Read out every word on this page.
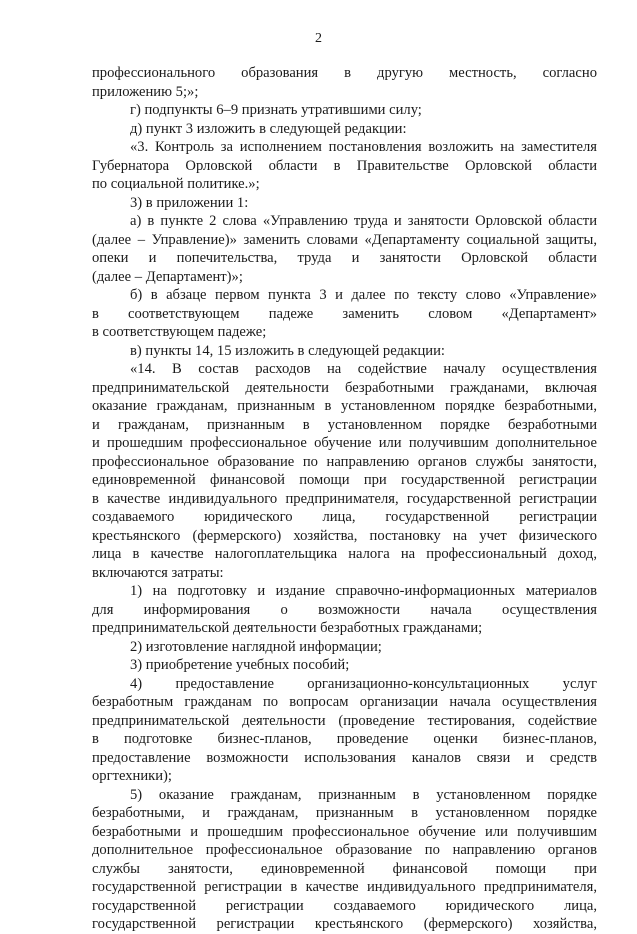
2
профессионального образования в другую местность, согласно
приложению 5;»;
г) подпункты 6–9 признать утратившими силу;
д) пункт 3 изложить в следующей редакции:
«3. Контроль за исполнением постановления возложить на заместителя
Губернатора Орловской области в Правительстве Орловской области
по социальной политике.»;
3) в приложении 1:
а) в пункте 2 слова «Управлению труда и занятости Орловской области
(далее – Управление)» заменить словами «Департаменту социальной защиты,
опеки и попечительства, труда и занятости Орловской области
(далее – Департамент)»;
б) в абзаце первом пункта 3 и далее по тексту слово «Управление»
в соответствующем падеже заменить словом «Департамент»
в соответствующем падеже;
в) пункты 14, 15 изложить в следующей редакции:
«14. В состав расходов на содействие началу осуществления
предпринимательской деятельности безработными гражданами, включая
оказание гражданам, признанным в установленном порядке безработными,
и гражданам, признанным в установленном порядке безработными
и прошедшим профессиональное обучение или получившим дополнительное
профессиональное образование по направлению органов службы занятости,
единовременной финансовой помощи при государственной регистрации
в качестве индивидуального предпринимателя, государственной регистрации
создаваемого юридического лица, государственной регистрации
крестьянского (фермерского) хозяйства, постановку на учет физического
лица в качестве налогоплательщика налога на профессиональный доход,
включаются затраты:
1) на подготовку и издание справочно-информационных материалов
для информирования о возможности начала осуществления
предпринимательской деятельности безработных гражданами;
2) изготовление наглядной информации;
3) приобретение учебных пособий;
4) предоставление организационно-консультационных услуг
безработным гражданам по вопросам организации начала осуществления
предпринимательской деятельности (проведение тестирования, содействие
в подготовке бизнес-планов, проведение оценки бизнес-планов,
предоставление возможности использования каналов связи и средств
оргтехники);
5) оказание гражданам, признанным в установленном порядке
безработными, и гражданам, признанным в установленном порядке
безработными и прошедшим профессиональное обучение или получившим
дополнительное профессиональное образование по направлению органов
службы занятости, единовременной финансовой помощи при
государственной регистрации в качестве индивидуального предпринимателя,
государственной регистрации создаваемого юридического лица,
государственной регистрации крестьянского (фермерского) хозяйства,
